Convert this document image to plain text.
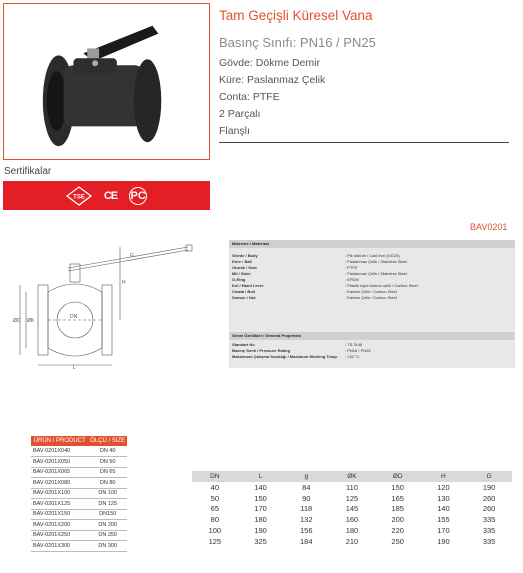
Tam Geçişli Küresel Vana
Basınç Sınıfı: PN16 / PN25
Gövde: Dökme Demir
Küre: Paslanmaz Çelik
Conta: PTFE
2 Parçalı
Flanşlı
Sertifikalar
TSE CE PC
BAV0201
ØD ØK
L
H
G
DN
Malzeme / Materials
Gövde / Body	: Pik döküm / Cast iron (GG25)
Küre / Ball	: Paslanmaz Çelik / Stainless Steel
Oturak / Seat	: PTFE
Mil / Stem	: Paslanmaz Çelik / Stainless Steel
O-Ring	: EPDM
Kol / Hand Lever	: Plastik kaplı karbon çelik / Carbon Steel
Cıvata / Bolt	: Karbon Çelik / Carbon Steel
Somun / Nut	: Karbon Çelik / Carbon Steel
Genel Özellikler / General Properties
Standart No	: TS 3148
Basınç Sınıfı / Pressure Rating	: PN16 / PN25
Maksimum Çalışma Sıcaklığı / Maximum Working Temp.	: 120 °C
ÜRÜN / PRODUCT	ÖLÇÜ / SIZE
BAV-0201X040	DN 40
BAV-0201X050	DN 50
BAV-0201X065	DN 65
BAV-0201X080	DN 80
BAV-0201X100	DN 100
BAV-0201X125	DN 125
BAV-0201X150	DN150
BAV-0201X200	DN 200
BAV-0201X250	DN 250
BAV-0201X300	DN 300
DN	L	g	ØK	ØD	H	G
40	140	84	110	150	120	190
50	150	90	125	165	130	260
65	170	118	145	185	140	260
80	180	132	160	200	155	335
100	190	156	180	220	170	335
125	325	184	210	250	190	335
